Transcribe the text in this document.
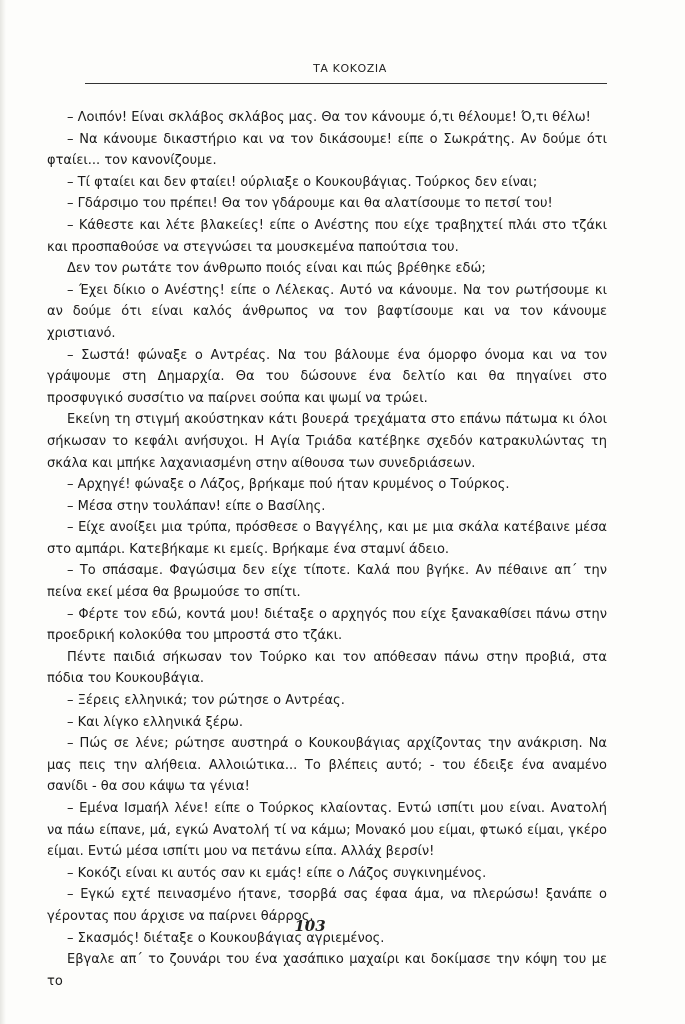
ΤΑ ΚΟΚΟΖΙΑ

– Λοιπόν! Είναι σκλάβος σκλάβος μας. Θα τον κάνουμε ό,τι θέλουμε! Ό,τι θέλω!

– Να κάνουμε δικαστήριο και να τον δικάσουμε! είπε ο Σωκράτης. Αν δούμε ότι φταίει... τον κανονίζουμε.

– Τί φταίει και δεν φταίει! ούρλιαξε ο Κουκουβάγιας. Τούρκος δεν είναι;

– Γδάρσιμο του πρέπει! Θα τον γδάρουμε και θα αλατίσουμε το πετσί του!

– Κάθεστε και λέτε βλακείες! είπε ο Ανέστης που είχε τραβηχτεί πλάι στο τζάκι και προσπαθούσε να στεγνώσει τα μουσκεμένα παπούτσια του.

Δεν τον ρωτάτε τον άνθρωπο ποιός είναι και πώς βρέθηκε εδώ;

– Έχει δίκιο ο Ανέστης! είπε ο Λέλεκας. Αυτό να κάνουμε. Να τον ρωτήσουμε κι αν δούμε ότι είναι καλός άνθρωπος να τον βαφτίσουμε και να τον κάνουμε χριστιανό.

– Σωστά! φώναξε ο Αντρέας. Να του βάλουμε ένα όμορφο όνομα και να τον γράψουμε στη Δημαρχία. Θα του δώσουνε ένα δελτίο και θα πηγαίνει στο προσφυγικό συσσίτιο να παίρνει σούπα και ψωμί να τρώει.

Εκείνη τη στιγμή ακούστηκαν κάτι βουερά τρεχάματα στο επάνω πάτωμα κι όλοι σήκωσαν το κεφάλι ανήσυχοι. Η Αγία Τριάδα κατέβηκε σχεδόν κατρακυλώντας τη σκάλα και μπήκε λαχανιασμένη στην αίθουσα των συνεδριάσεων.

– Αρχηγέ! φώναξε ο Λάζος, βρήκαμε πού ήταν κρυμένος ο Τούρκος.

– Μέσα στην τουλάπαν! είπε ο Βασίλης.

– Είχε ανοίξει μια τρύπα, πρόσθεσε ο Βαγγέλης, και με μια σκάλα κατέβαινε μέσα στο αμπάρι. Κατεβήκαμε κι εμείς. Βρήκαμε ένα σταμνί άδειο.

– Το σπάσαμε. Φαγώσιμα δεν είχε τίποτε. Καλά που βγήκε. Αν πέθαινε απ´ την πείνα εκεί μέσα θα βρωμούσε το σπίτι.

– Φέρτε τον εδώ, κοντά μου! διέταξε ο αρχηγός που είχε ξανακαθίσει πάνω στην προεδρική κολοκύθα του μπροστά στο τζάκι.

Πέντε παιδιά σήκωσαν τον Τούρκο και τον απόθεσαν πάνω στην προβιά, στα πόδια του Κουκουβάγια.

– Ξέρεις ελληνικά; τον ρώτησε ο Αντρέας.

– Και λίγκο ελληνικά ξέρω.

– Πώς σε λένε; ρώτησε αυστηρά ο Κουκουβάγιας αρχίζοντας την ανάκριση. Να μας πεις την αλήθεια. Αλλοιώτικα... Το βλέπεις αυτό; - του έδειξε ένα αναμένο σανίδι - θα σου κάψω τα γένια!

– Εμένα Ισμαήλ λένε! είπε ο Τούρκος κλαίοντας. Εντώ ισπίτι μου είναι. Ανατολή να πάω είπανε, μά, εγκώ Ανατολή τί να κάμω; Μονακό μου είμαι, φτωκό είμαι, γκέρο είμαι. Εντώ μέσα ισπίτι μου να πετάνω είπα. Αλλάχ βερσίν!

– Κοκόζι είναι κι αυτός σαν κι εμάς! είπε ο Λάζος συγκινημένος.

– Εγκώ εχτέ πεινασμένο ήτανε, τσορβά σας έφαα άμα, να πλερώσω! ξανάπε ο γέροντας που άρχισε να παίρνει θάρρος.

– Σκασμός! διέταξε ο Κουκουβάγιας αγριεμένος.

Εβγαλε απ´ το ζουνάρι του ένα χασάπικο μαχαίρι και δοκίμασε την κόψη του με το

103
